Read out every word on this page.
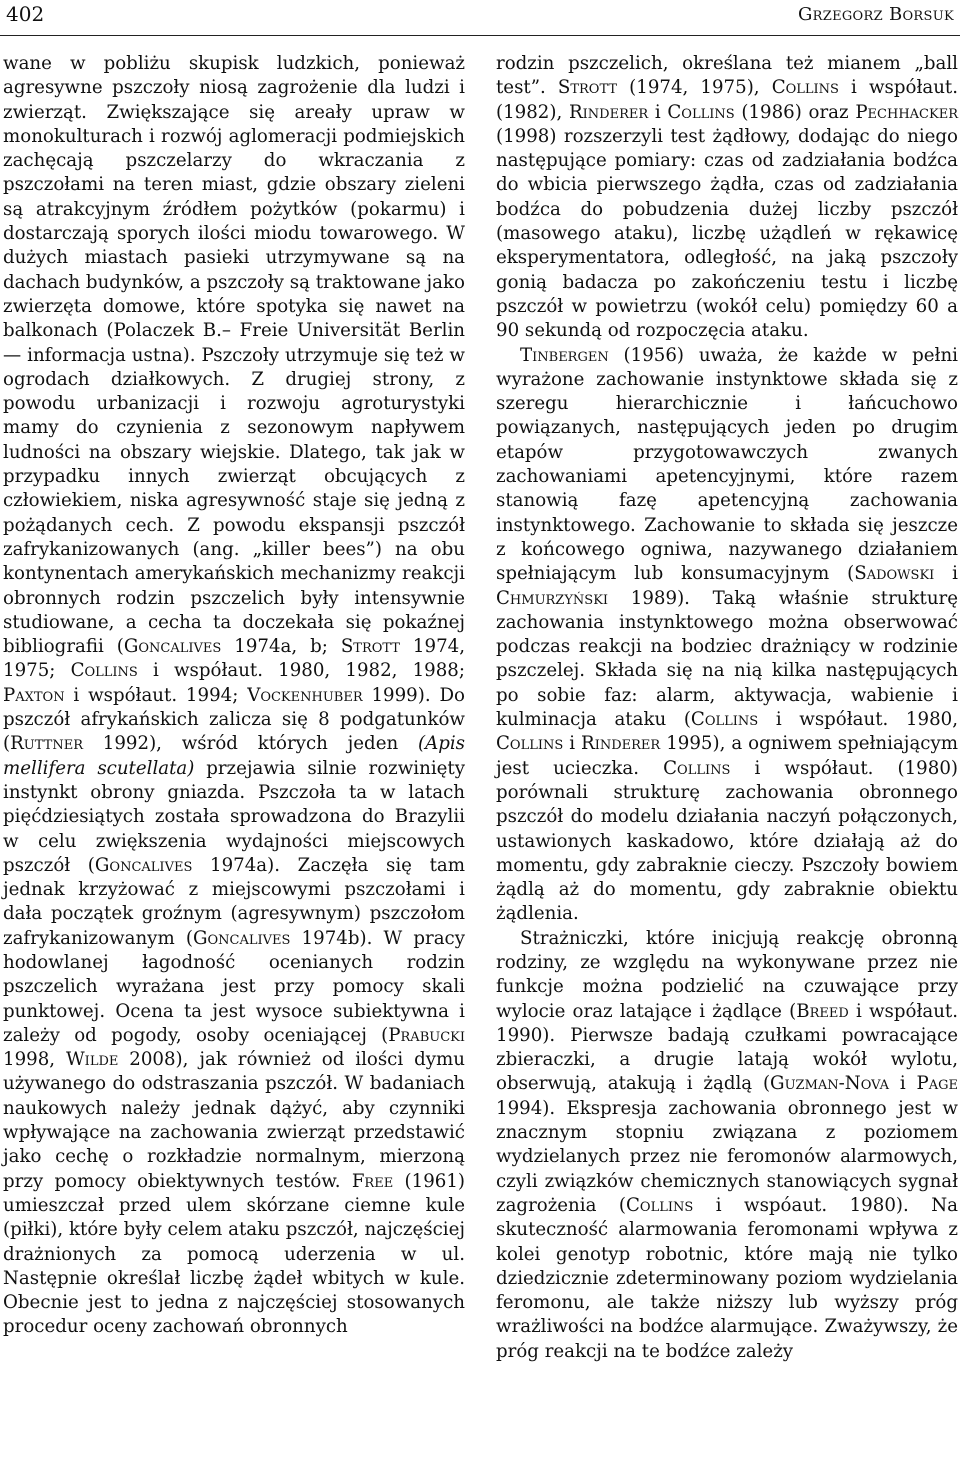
402	Grzegorz Borsuk

wane w pobliżu skupisk ludzkich, ponieważ agresywne pszczoły niosą zagrożenie dla ludzi i zwierząt. Zwiększające się areały upraw w monokulturach i rozwój aglomeracji podmiejskich zachęcają pszczelarzy do wkraczania z pszczołami na teren miast, gdzie obszary zieleni są atrakcyjnym źródłem pożytków (pokarmu) i dostarczają sporych ilości miodu towarowego. W dużych miastach pasieki utrzymywane są na dachach budynków, a pszczoły są traktowane jako zwierzęta domowe, które spotyka się nawet na balkonach (Polaczek B.– Freie Universität Berlin — informacja ustna). Pszczoły utrzymuje się też w ogrodach działkowych. Z drugiej strony, z powodu urbanizacji i rozwoju agroturystyki mamy do czynienia z sezonowym napływem ludności na obszary wiejskie. Dlatego, tak jak w przypadku innych zwierząt obcujących z człowiekiem, niska agresywność staje się jedną z pożądanych cech. Z powodu ekspansji pszczół zafrykanizowanych (ang. „killer bees”) na obu kontynentach amerykańskich mechanizmy reakcji obronnych rodzin pszczelich były intensywnie studiowane, a cecha ta doczekała się pokaźnej bibliografii (Goncalives 1974a, b; Strott 1974, 1975; Collins i współaut. 1980, 1982, 1988; Paxton i współaut. 1994; Vockenhuber 1999). Do pszczół afrykańskich zalicza się 8 podgatunków (Ruttner 1992), wśród których jeden (Apis mellifera scutellata) przejawia silnie rozwinięty instynkt obrony gniazda. Pszczoła ta w latach pięćdziesiątych została sprowadzona do Brazylii w celu zwiększenia wydajności miejscowych pszczół (Goncalives 1974a). Zaczęła się tam jednak krzyżować z miejscowymi pszczołami i dała początek groźnym (agresywnym) pszczołom zafrykanizowanym (Goncalives 1974b). W pracy hodowlanej łagodność ocenianych rodzin pszczelich wyrażana jest przy pomocy skali punktowej. Ocena ta jest wysoce subiektywna i zależy od pogody, osoby oceniającej (Prabucki 1998, Wilde 2008), jak również od ilości dymu używanego do odstraszania pszczół. W badaniach naukowych należy jednak dążyć, aby czynniki wpływające na zachowania zwierząt przedstawić jako cechę o rozkładzie normalnym, mierzoną przy pomocy obiektywnych testów. Free (1961) umieszczał przed ulem skórzane ciemne kule (piłki), które były celem ataku pszczół, najczęściej drażnionych za pomocą uderzenia w ul. Następnie określał liczbę żądeł wbitych w kule. Obecnie jest to jedna z najczęściej stosowanych procedur oceny zachowań obronnych

rodzin pszczelich, określana też mianem „ball test”. Strott (1974, 1975), Collins i współaut. (1982), Rinderer i Collins (1986) oraz Pechhacker (1998) rozszerzyli test żądłowy, dodając do niego następujące pomiary: czas od zadziałania bodźca do wbicia pierwszego żądła, czas od zadziałania bodźca do pobudzenia dużej liczby pszczół (masowego ataku), liczbę użądleń w rękawicę eksperymentatora, odległość, na jaką pszczoły gonią badacza po zakończeniu testu i liczbę pszczół w powietrzu (wokół celu) pomiędzy 60 a 90 sekundą od rozpoczęcia ataku.

Tinbergen (1956) uważa, że każde w pełni wyrażone zachowanie instynktowe składa się z szeregu hierarchicznie i łańcuchowo powiązanych, następujących jeden po drugim etapów przygotowawczych zwanych zachowaniami apetencyjnymi, które razem stanowią fazę apetencyjną zachowania instynktowego. Zachowanie to składa się jeszcze z końcowego ogniwa, nazywanego działaniem spełniającym lub konsumacyjnym (Sadowski i Chmurzyński 1989). Taką właśnie strukturę zachowania instynktowego można obserwować podczas reakcji na bodziec drażniący w rodzinie pszczelej. Składa się na nią kilka następujących po sobie faz: alarm, aktywacja, wabienie i kulminacja ataku (Collins i współaut. 1980, Collins i Rinderer 1995), a ogniwem spełniającym jest ucieczka. Collins i współaut. (1980) porównali strukturę zachowania obronnego pszczół do modelu działania naczyń połączonych, ustawionych kaskadowo, które działają aż do momentu, gdy zabraknie cieczy. Pszczoły bowiem żądlą aż do momentu, gdy zabraknie obiektu żądlenia.

Strażniczki, które inicjują reakcję obronną rodziny, ze względu na wykonywane przez nie funkcje można podzielić na czuwające przy wylocie oraz latające i żądlące (Breed i współaut. 1990). Pierwsze badają czułkami powracające zbieraczki, a drugie latają wokół wylotu, obserwują, atakują i żądlą (Guzman-Nova i Page 1994). Ekspresja zachowania obronnego jest w znacznym stopniu związana z poziomem wydzielanych przez nie feromonów alarmowych, czyli związków chemicznych stanowiących sygnał zagrożenia (Collins i wspóaut. 1980). Na skuteczność alarmowania feromonami wpływa z kolei genotyp robotnic, które mają nie tylko dziedzicznie zdeterminowany poziom wydzielania feromonu, ale także niższy lub wyższy próg wrażliwości na bodźce alarmujące. Zważywszy, że próg reakcji na te bodźce zależy
